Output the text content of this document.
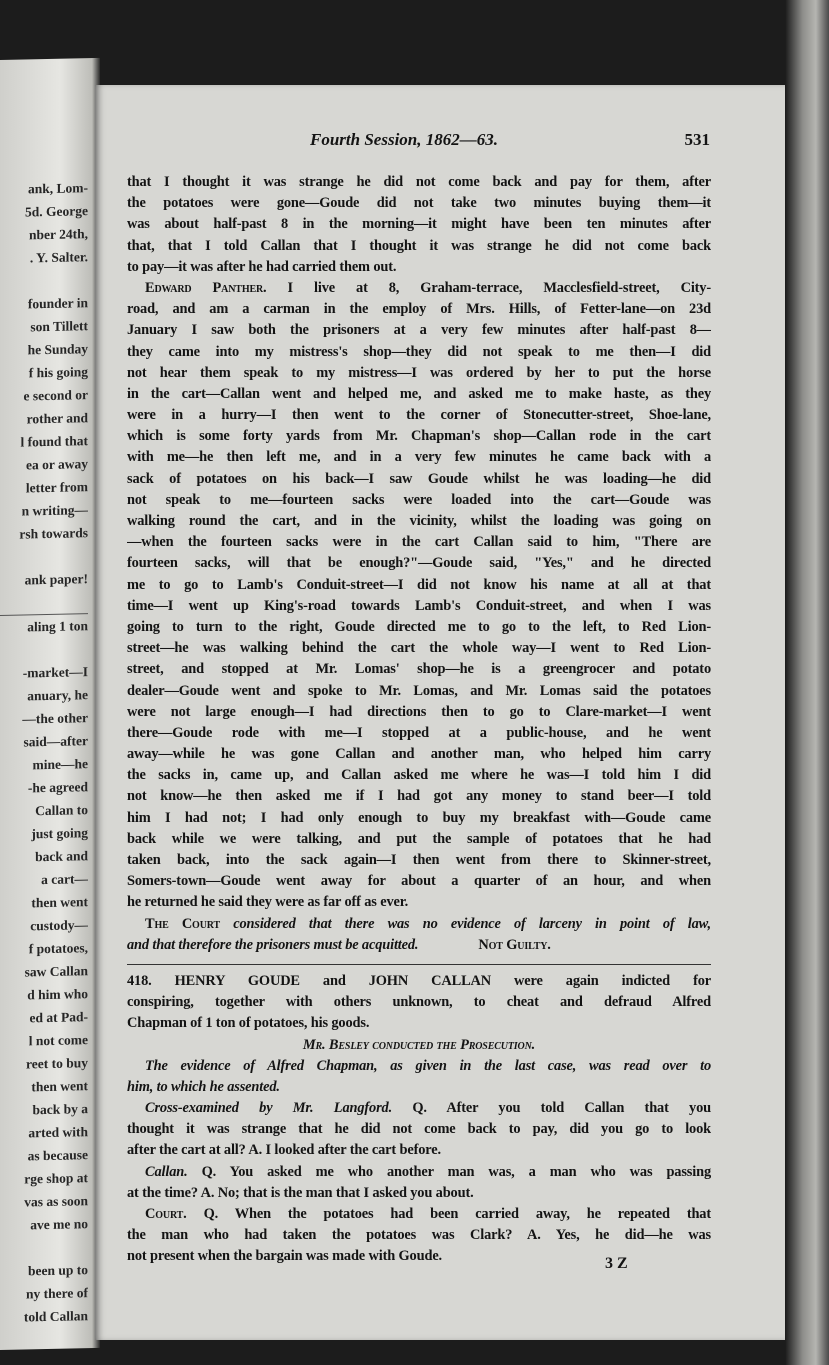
ank, Lom-
5d. George
nber 24th,
. Y. Salter.
founder in
son Tillett
he Sunday
f his going
e second or
rother and
l found that
ea or away
letter from
n writing—
rsh towards
ank paper!
aling 1 ton
-market—I
anuary, he
—the other
said—after
mine—he
-he agreed
Callan to
just going
back and
a cart—
then went
custody—
f potatoes,
saw Callan
d him who
ed at Pad-
l not come
reet to buy
then went
back by a
arted with
as because
rge shop at
vas as soon
ave me no
been up to
ny there of
told Callan
Fourth Session, 1862—63.	531
that I thought it was strange he did not come back and pay for them, after
the potatoes were gone—Goude did not take two minutes buying them—it
was about half-past 8 in the morning—it might have been ten minutes after
that, that I told Callan that I thought it was strange he did not come back
to pay—it was after he had carried them out.
Edward Panther. I live at 8, Graham-terrace, Macclesfield-street, City-
road, and am a carman in the employ of Mrs. Hills, of Fetter-lane—on 23d
January I saw both the prisoners at a very few minutes after half-past 8—
they came into my mistress's shop—they did not speak to me then—I did
not hear them speak to my mistress—I was ordered by her to put the horse
in the cart—Callan went and helped me, and asked me to make haste, as they
were in a hurry—I then went to the corner of Stonecutter-street, Shoe-lane,
which is some forty yards from Mr. Chapman's shop—Callan rode in the cart
with me—he then left me, and in a very few minutes he came back with a
sack of potatoes on his back—I saw Goude whilst he was loading—he did
not speak to me—fourteen sacks were loaded into the cart—Goude was
walking round the cart, and in the vicinity, whilst the loading was going on
—when the fourteen sacks were in the cart Callan said to him, "There are
fourteen sacks, will that be enough?"—Goude said, "Yes," and he directed
me to go to Lamb's Conduit-street—I did not know his name at all at that
time—I went up King's-road towards Lamb's Conduit-street, and when I was
going to turn to the right, Goude directed me to go to the left, to Red Lion-
street—he was walking behind the cart the whole way—I went to Red Lion-
street, and stopped at Mr. Lomas' shop—he is a greengrocer and potato
dealer—Goude went and spoke to Mr. Lomas, and Mr. Lomas said the potatoes
were not large enough—I had directions then to go to Clare-market—I went
there—Goude rode with me—I stopped at a public-house, and he went
away—while he was gone Callan and another man, who helped him carry
the sacks in, came up, and Callan asked me where he was—I told him I did
not know—he then asked me if I had got any money to stand beer—I told
him I had not; I had only enough to buy my breakfast with—Goude came
back while we were talking, and put the sample of potatoes that he had
taken back, into the sack again—I then went from there to Skinner-street,
Somers-town—Goude went away for about a quarter of an hour, and when
he returned he said they were as far off as ever.
The Court considered that there was no evidence of larceny in point of law,
and that therefore the prisoners must be acquitted.	Not Guilty.
418. HENRY GOUDE and JOHN CALLAN were again indicted for
conspiring, together with others unknown, to cheat and defraud Alfred
Chapman of 1 ton of potatoes, his goods.
Mr. Besley conducted the Prosecution.
The evidence of Alfred Chapman, as given in the last case, was read over to
him, to which he assented.
Cross-examined by Mr. Langford. Q. After you told Callan that you
thought it was strange that he did not come back to pay, did you go to look
after the cart at all? A. I looked after the cart before.
Callan. Q. You asked me who another man was, a man who was passing
at the time? A. No; that is the man that I asked you about.
Court. Q. When the potatoes had been carried away, he repeated that
the man who had taken the potatoes was Clark? A. Yes, he did—he was
not present when the bargain was made with Goude.	3 Z
